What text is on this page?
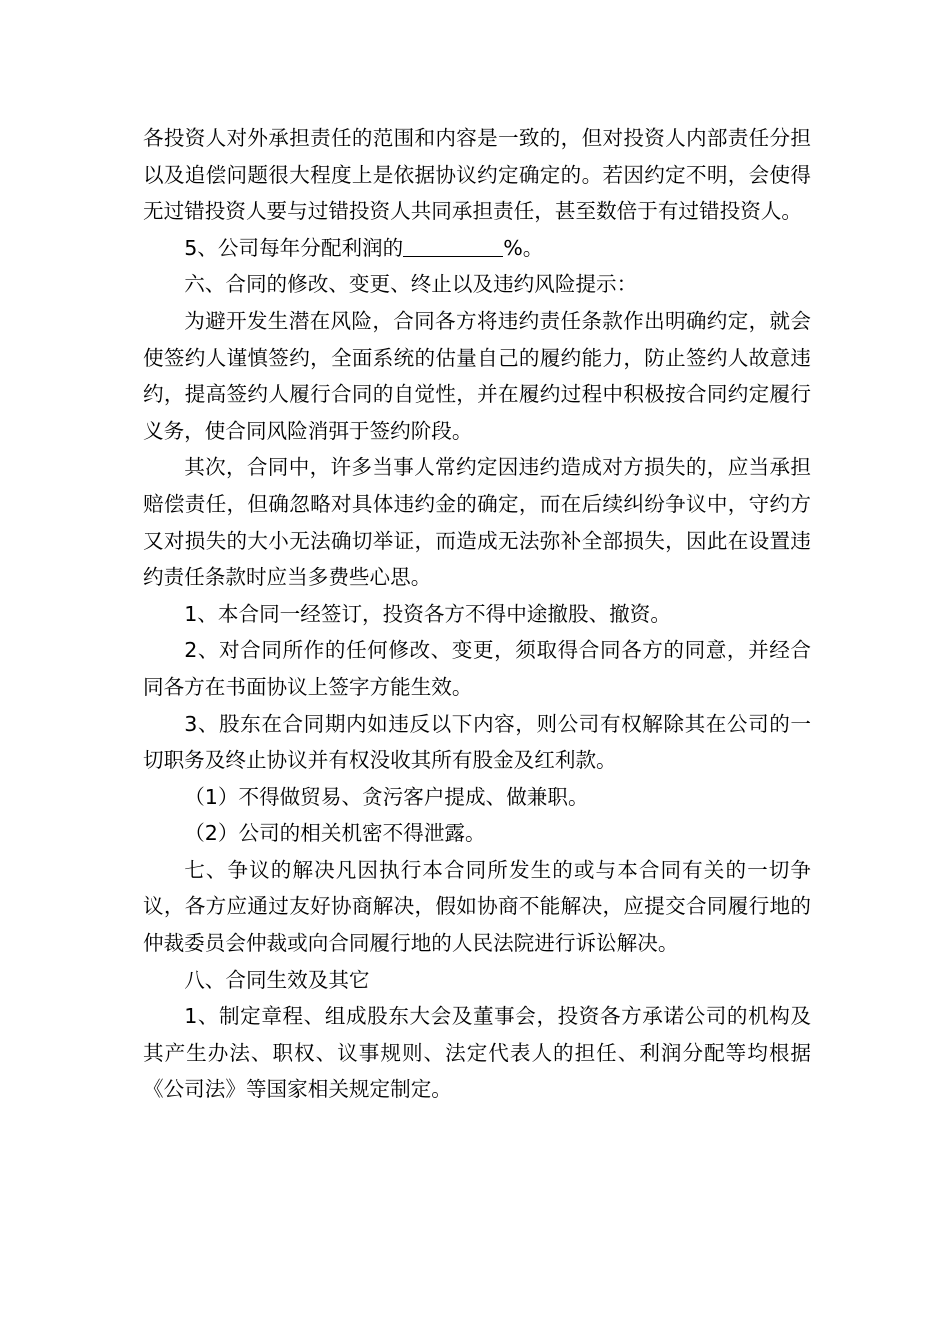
各投资人对外承担责任的范围和内容是一致的，但对投资人内部责任分担以及追偿问题很大程度上是依据协议约定确定的。若因约定不明，会使得无过错投资人要与过错投资人共同承担责任，甚至数倍于有过错投资人。

5、公司每年分配利润的	%。

六、合同的修改、变更、终止以及违约风险提示：

为避开发生潜在风险，合同各方将违约责任条款作出明确约定，就会使签约人谨慎签约，全面系统的估量自己的履约能力，防止签约人故意违约，提高签约人履行合同的自觉性，并在履约过程中积极按合同约定履行义务，使合同风险消弭于签约阶段。

其次，合同中，许多当事人常约定因违约造成对方损失的，应当承担赔偿责任，但确忽略对具体违约金的确定，而在后续纠纷争议中，守约方又对损失的大小无法确切举证，而造成无法弥补全部损失，因此在设置违约责任条款时应当多费些心思。

1、本合同一经签订，投资各方不得中途撤股、撤资。

2、对合同所作的任何修改、变更，须取得合同各方的同意，并经合同各方在书面协议上签字方能生效。

3、股东在合同期内如违反以下内容，则公司有权解除其在公司的一切职务及终止协议并有权没收其所有股金及红利款。

（1）不得做贸易、贪污客户提成、做兼职。

（2）公司的相关机密不得泄露。

七、争议的解决凡因执行本合同所发生的或与本合同有关的一切争议，各方应通过友好协商解决，假如协商不能解决，应提交合同履行地的仲裁委员会仲裁或向合同履行地的人民法院进行诉讼解决。

八、合同生效及其它

1、制定章程、组成股东大会及董事会，投资各方承诺公司的机构及其产生办法、职权、议事规则、法定代表人的担任、利润分配等均根据《公司法》等国家相关规定制定。
